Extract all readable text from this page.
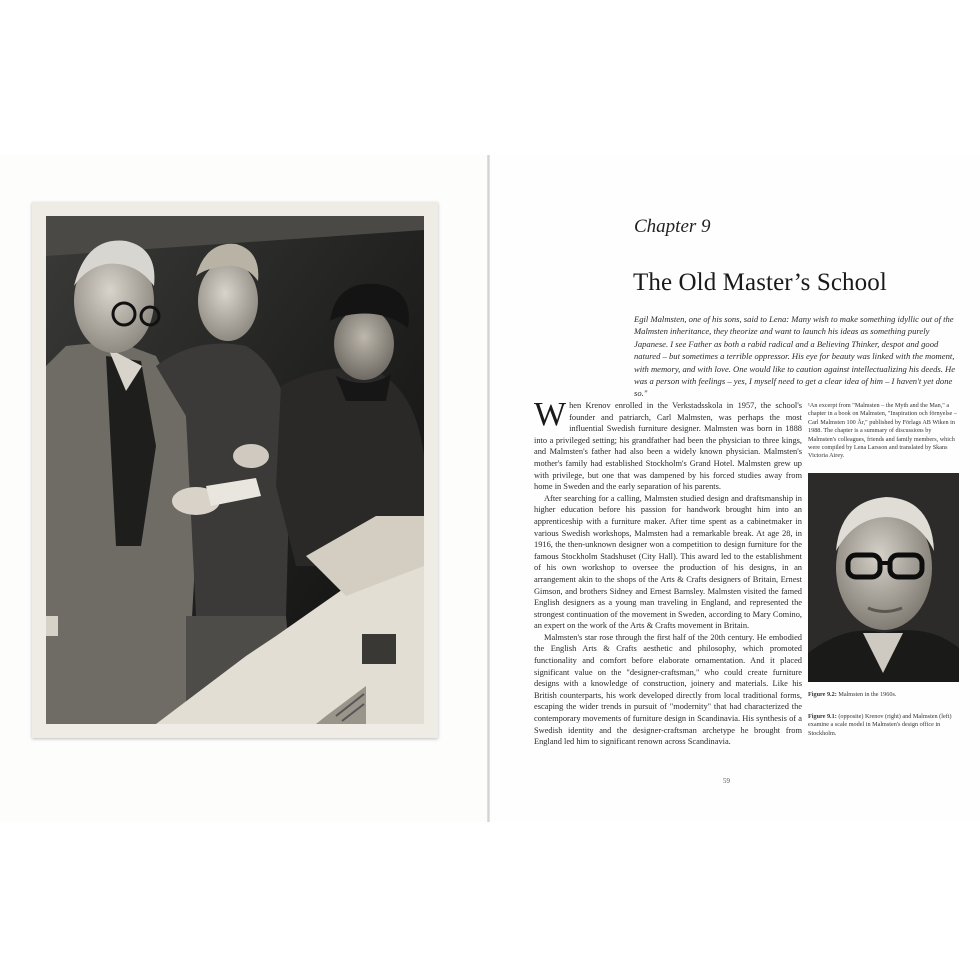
Chapter 9
The Old Master’s School
Egil Malmsten, one of his sons, said to Lena: Many wish to make something idyllic out of the Malmsten inheritance, they theorize and want to launch his ideas as something purely Japanese. I see Father as both a rabid radical and a Believing Thinker, despot and good natured – but sometimes a terrible oppressor. His eye for beauty was linked with the moment, with memory, and with love. One would like to caution against intellectualizing his deeds. He was a person with feelings – yes, I myself need to get a clear idea of him – I haven't yet done so."

When Krenov enrolled in the Verkstadsskola in 1957, the school's founder and patriarch, Carl Malmsten, was perhaps the most influential Swedish furniture designer. Malmsten was born in 1888 into a privileged setting; his grandfather had been the physician to three kings, and Malmsten's father had also been a widely known physician. Malmsten's mother's family had established Stockholm's Grand Hotel. Malmsten grew up with privilege, but one that was dampened by his forced studies away from home in Sweden and the early separation of his parents.

After searching for a calling, Malmsten studied design and draftsmanship in higher education before his passion for handwork brought him into an apprenticeship with a furniture maker. After time spent as a cabinetmaker in various Swedish workshops, Malmsten had a remarkable break. At age 28, in 1916, the then-unknown designer won a competition to design furniture for the famous Stockholm Stadshuset (City Hall). This award led to the establishment of his own workshop to oversee the production of his designs, in an arrangement akin to the shops of the Arts & Crafts designers of Britain, Ernest Gimson, and brothers Sidney and Ernest Barnsley. Malmsten visited the famed English designers as a young man traveling in England, and represented the strongest continuation of the movement in Sweden, according to Mary Comino, an expert on the work of the Arts & Crafts movement in Britain.

Malmsten's star rose through the first half of the 20th century. He embodied the English Arts & Crafts aesthetic and philosophy, which promoted functionality and comfort before elaborate ornamentation. And it placed significant value on the "designer-craftsman," who could create furniture designs with a knowledge of construction, joinery and materials. Like his British counterparts, his work developed directly from local traditional forms, escaping the wider trends in pursuit of "modernity" that had characterized the contemporary movements of furniture design in Scandinavia. His synthesis of a Swedish identity and the designer-craftsman archetype he brought from England led him to significant renown across Scandinavia.

¹An excerpt from "Malmsten – the Myth and the Man," a chapter in a book on Malmsten, "Inspiration och förnyelse – Carl Malmsten 100 År," published by Förlags AB Wiken in 1988. The chapter is a summary of discussions by Malmsten's colleagues, friends and family members, which were compiled by Lena Larsson and translated by Skans Victoria Airey.
Figure 9.2: Malmsten in the 1960s.
Figure 9.1: (opposite) Krenov (right) and Malmsten (left) examine a scale model in Malmsten's design office in Stockholm.
59
